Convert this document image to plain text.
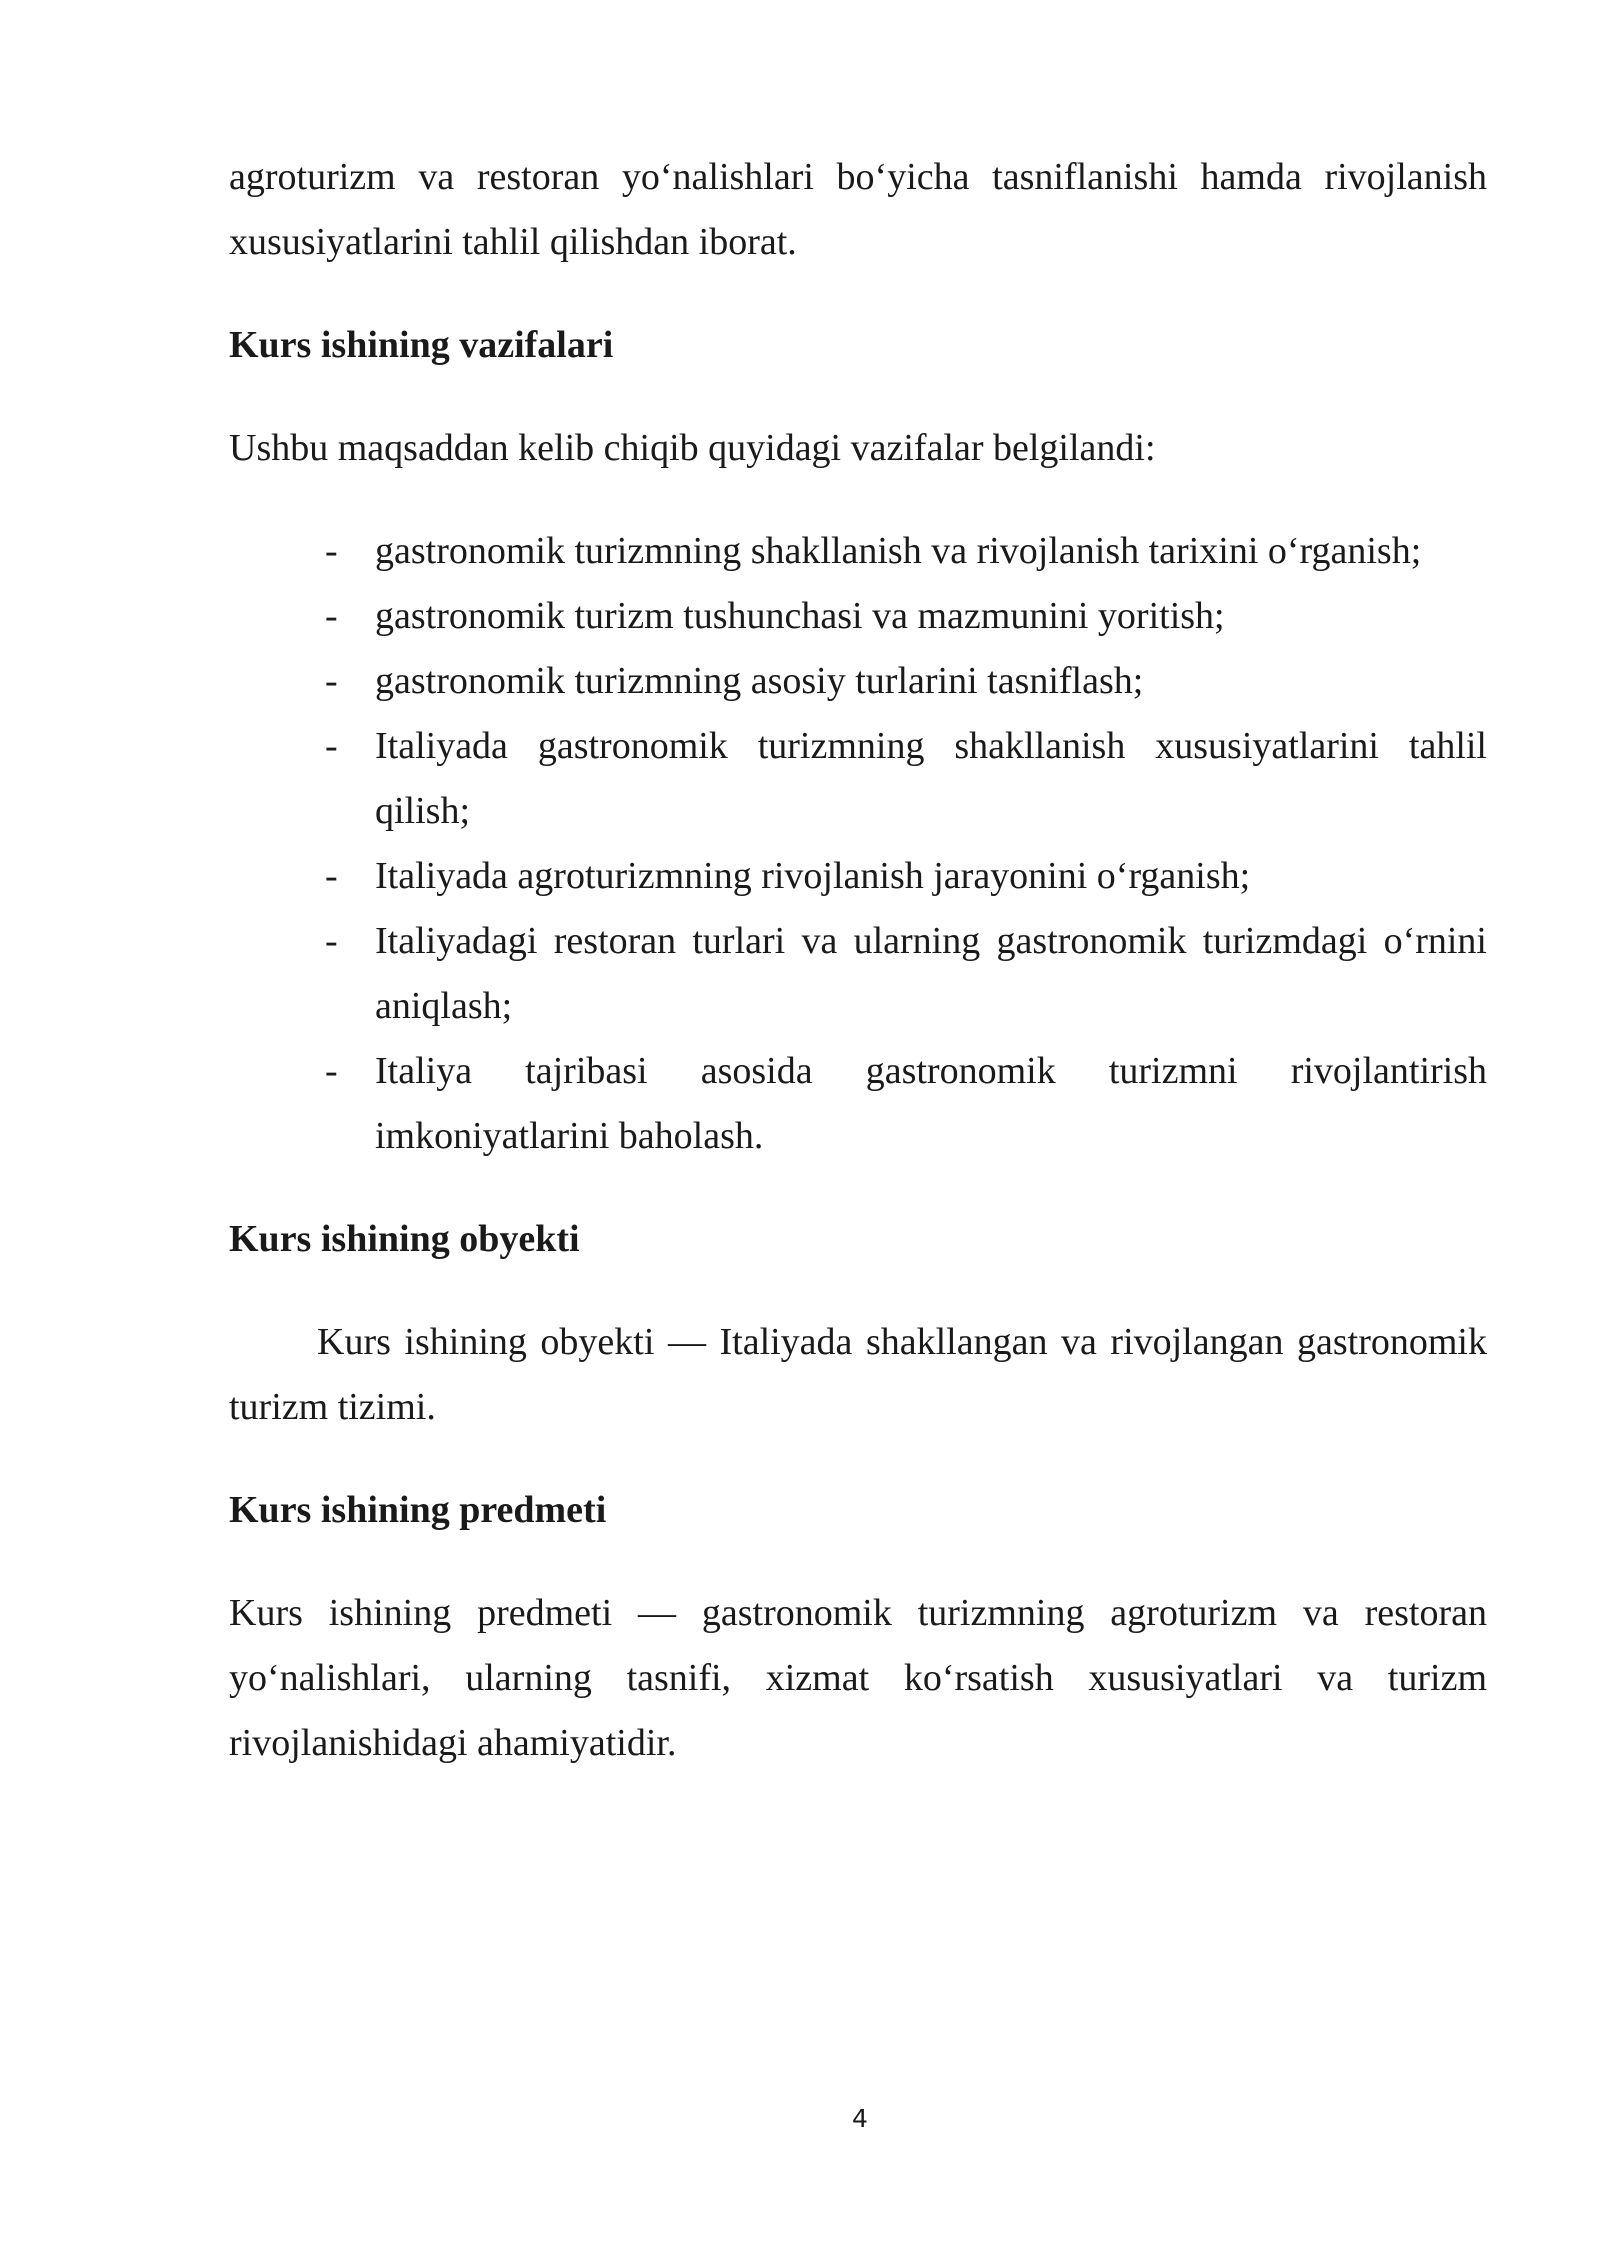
agroturizm va restoran yo‘nalishlari bo‘yicha tasniflanishi hamda rivojlanish xususiyatlarini tahlil qilishdan iborat.

Kurs ishining vazifalari

Ushbu maqsaddan kelib chiqib quyidagi vazifalar belgilandi:

- gastronomik turizmning shakllanish va rivojlanish tarixini o‘rganish;
- gastronomik turizm tushunchasi va mazmunini yoritish;
- gastronomik turizmning asosiy turlarini tasniflash;
- Italiyada gastronomik turizmning shakllanish xususiyatlarini tahlil qilish;
- Italiyada agroturizmning rivojlanish jarayonini o‘rganish;
- Italiyadagi restoran turlari va ularning gastronomik turizmdagi o‘rnini aniqlash;
- Italiya tajribasi asosida gastronomik turizmni rivojlantirish imkoniyatlarini baholash.

Kurs ishining obyekti

Kurs ishining obyekti — Italiyada shakllangan va rivojlangan gastronomik turizm tizimi.

Kurs ishining predmeti

Kurs ishining predmeti — gastronomik turizmning agroturizm va restoran yo‘nalishlari, ularning tasnifi, xizmat ko‘rsatish xususiyatlari va turizm rivojlanishidagi ahamiyatidir.

4
